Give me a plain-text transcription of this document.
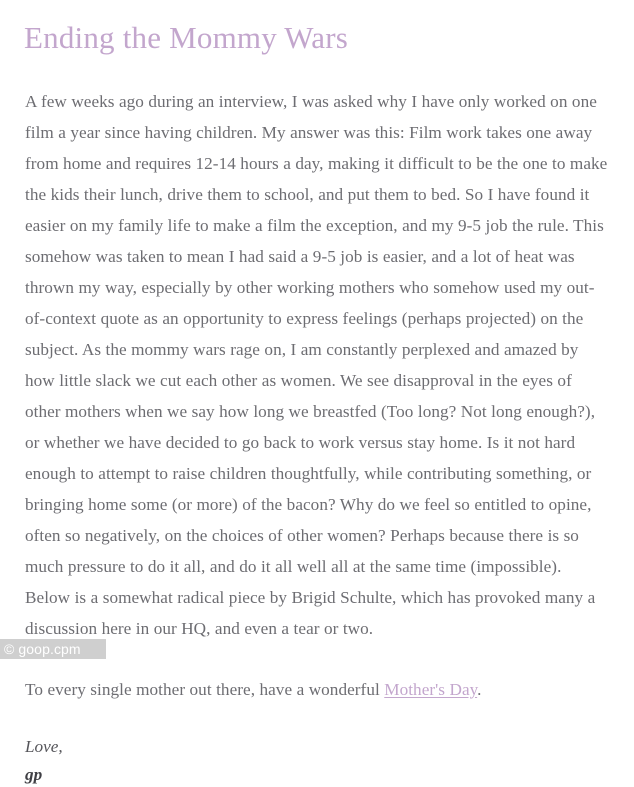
Ending the Mommy Wars

A few weeks ago during an interview, I was asked why I have only worked on one film a year since having children. My answer was this: Film work takes one away from home and requires 12-14 hours a day, making it difficult to be the one to make the kids their lunch, drive them to school, and put them to bed. So I have found it easier on my family life to make a film the exception, and my 9-5 job the rule. This somehow was taken to mean I had said a 9-5 job is easier, and a lot of heat was thrown my way, especially by other working mothers who somehow used my out-of-context quote as an opportunity to express feelings (perhaps projected) on the subject. As the mommy wars rage on, I am constantly perplexed and amazed by how little slack we cut each other as women. We see disapproval in the eyes of other mothers when we say how long we breastfed (Too long? Not long enough?), or whether we have decided to go back to work versus stay home. Is it not hard enough to attempt to raise children thoughtfully, while contributing something, or bringing home some (or more) of the bacon? Why do we feel so entitled to opine, often so negatively, on the choices of other women? Perhaps because there is so much pressure to do it all, and do it all well all at the same time (impossible). Below is a somewhat radical piece by Brigid Schulte, which has provoked many a discussion here in our HQ, and even a tear or two.

To every single mother out there, have a wonderful Mother's Day.

Love,

gp

© goop.cpm
